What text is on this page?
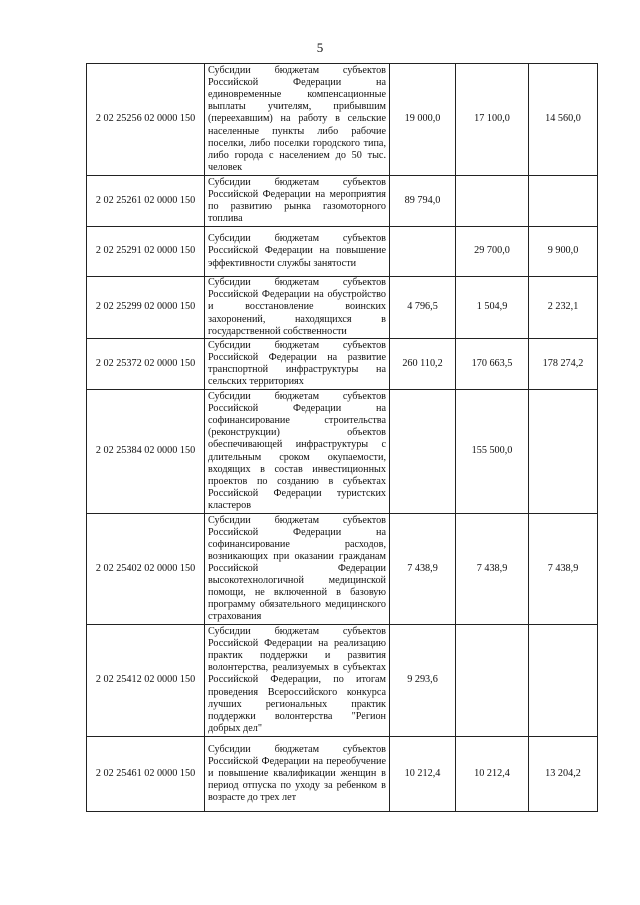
5
2 02 25256 02 0000 150	Субсидии бюджетам субъектов Российской Федерации на единовременные компенсационные выплаты учителям, прибывшим (переехавшим) на работу в сельские населенные пункты либо рабочие поселки, либо поселки городского типа, либо города с населением до 50 тыс. человек	19 000,0	17 100,0	14 560,0
2 02 25261 02 0000 150	Субсидии бюджетам субъектов Российской Федерации на мероприятия по развитию рынка газомоторного топлива	89 794,0		
2 02 25291 02 0000 150	Субсидии бюджетам субъектов Российской Федерации на повышение эффективности службы занятости		29 700,0	9 900,0
2 02 25299 02 0000 150	Субсидии бюджетам субъектов Российской Федерации на обустройство и восстановление воинских захоронений, находящихся в государственной собственности	4 796,5	1 504,9	2 232,1
2 02 25372 02 0000 150	Субсидии бюджетам субъектов Российской Федерации на развитие транспортной инфраструктуры на сельских территориях	260 110,2	170 663,5	178 274,2
2 02 25384 02 0000 150	Субсидии бюджетам субъектов Российской Федерации на софинансирование строительства (реконструкции) объектов обеспечивающей инфраструктуры с длительным сроком окупаемости, входящих в состав инвестиционных проектов по созданию в субъектах Российской Федерации туристских кластеров		155 500,0	
2 02 25402 02 0000 150	Субсидии бюджетам субъектов Российской Федерации на софинансирование расходов, возникающих при оказании гражданам Российской Федерации высокотехнологичной медицинской помощи, не включенной в базовую программу обязательного медицинского страхования	7 438,9	7 438,9	7 438,9
2 02 25412 02 0000 150	Субсидии бюджетам субъектов Российской Федерации на реализацию практик поддержки и развития волонтерства, реализуемых в субъектах Российской Федерации, по итогам проведения Всероссийского конкурса лучших региональных практик поддержки волонтерства "Регион добрых дел"	9 293,6		
2 02 25461 02 0000 150	Субсидии бюджетам субъектов Российской Федерации на переобучение и повышение квалификации женщин в период отпуска по уходу за ребенком в возрасте до трех лет	10 212,4	10 212,4	13 204,2
